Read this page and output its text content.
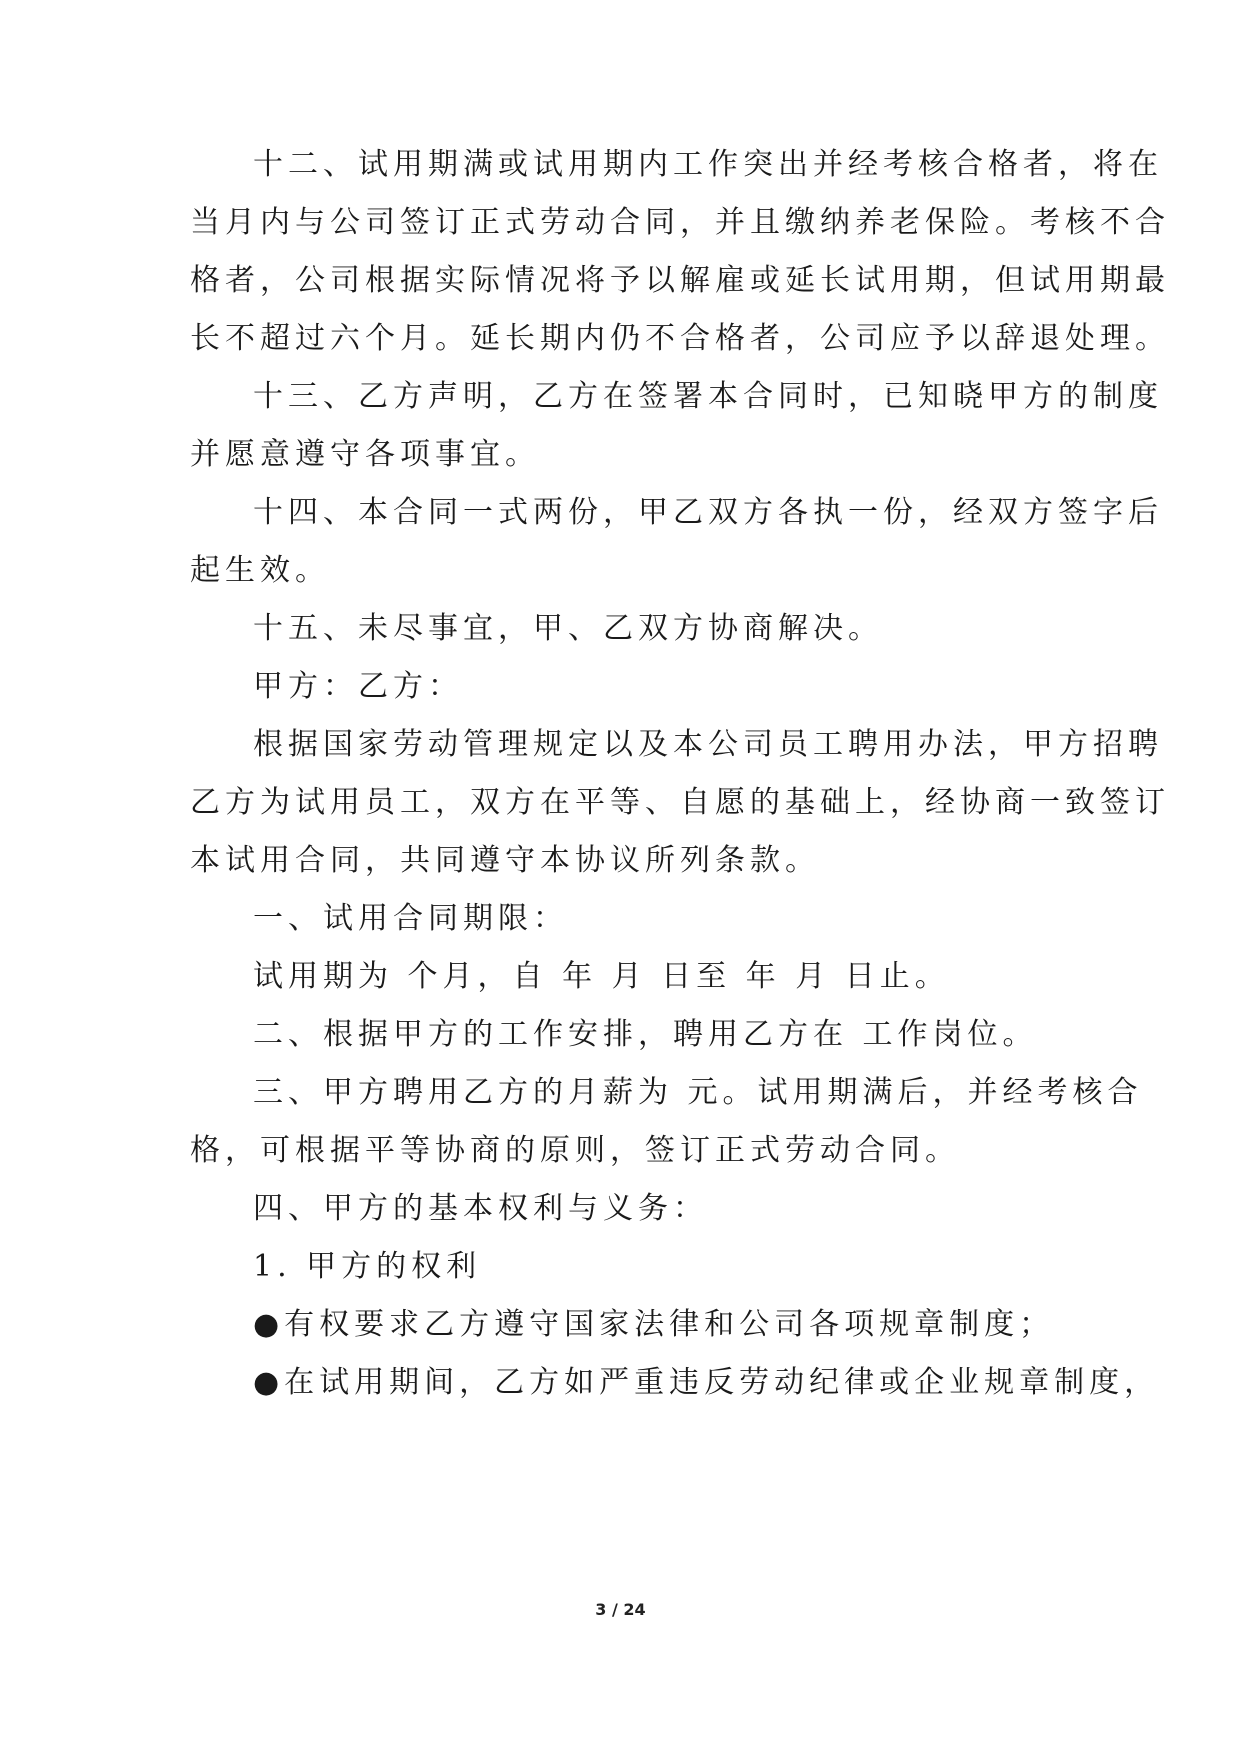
十二、试用期满或试用期内工作突出并经考核合格者，将在
当月内与公司签订正式劳动合同，并且缴纳养老保险。考核不合
格者，公司根据实际情况将予以解雇或延长试用期，但试用期最
长不超过六个月。延长期内仍不合格者，公司应予以辞退处理。
十三、乙方声明，乙方在签署本合同时，已知晓甲方的制度
并愿意遵守各项事宜。
十四、本合同一式两份，甲乙双方各执一份，经双方签字后
起生效。
十五、未尽事宜，甲、乙双方协商解决。
甲方：乙方：
根据国家劳动管理规定以及本公司员工聘用办法，甲方招聘
乙方为试用员工，双方在平等、自愿的基础上，经协商一致签订
本试用合同，共同遵守本协议所列条款。
一、试用合同期限：
试用期为 个月，自 年 月 日至 年 月 日止。
二、根据甲方的工作安排，聘用乙方在 工作岗位。
三、甲方聘用乙方的月薪为 元。试用期满后，并经考核合
格，可根据平等协商的原则，签订正式劳动合同。
四、甲方的基本权利与义务：
1. 甲方的权利
●有权要求乙方遵守国家法律和公司各项规章制度；
●在试用期间，乙方如严重违反劳动纪律或企业规章制度，
3 / 24
